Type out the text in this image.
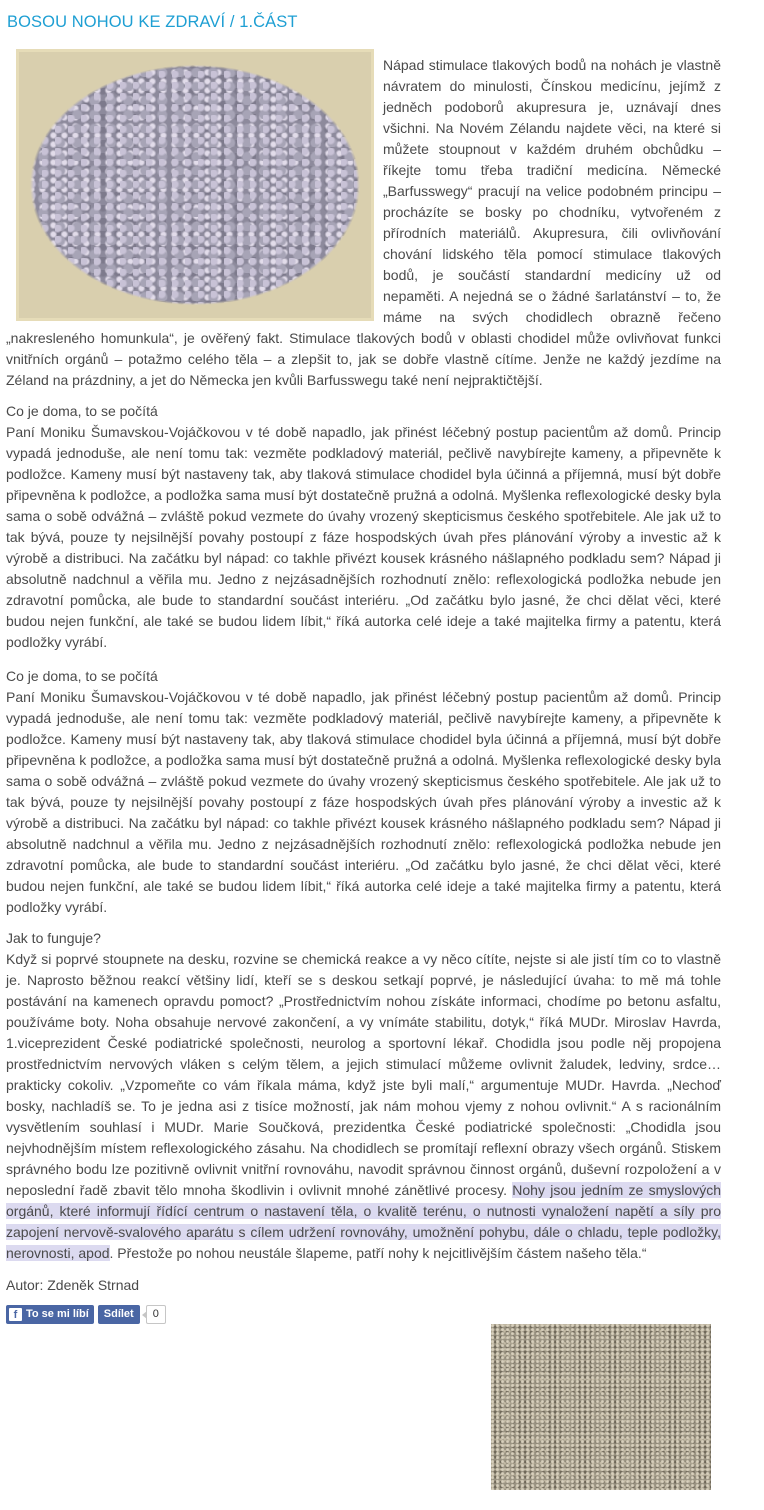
BOSOU NOHOU KE ZDRAVÍ / 1.ČÁST

Nápad stimulace tlakových bodů na nohách je vlastně návratem do minulosti, Čínskou medicínu, jejímž z jedněch podoborů akupresura je, uznávají dnes všichni. Na Novém Zélandu najdete věci, na které si můžete stoupnout v každém druhém obchůdku – říkejte tomu třeba tradiční medicína. Německé „Barfusswegy“ pracují na velice podobném principu – procházíte se bosky po chodníku, vytvořeném z přírodních materiálů. Akupresura, čili ovlivňování chování lidského těla pomocí stimulace tlakových bodů, je součástí standardní medicíny už od nepaměti. A nejedná se o žádné šarlatánství – to, že máme na svých chodidlech obrazně řečeno „nakresleného homunkula“, je ověřený fakt. Stimulace tlakových bodů v oblasti chodidel může ovlivňovat funkci vnitřních orgánů – potažmo celého těla – a zlepšit to, jak se dobře vlastně cítíme. Jenže ne každý jezdíme na Zéland na prázdniny, a jet do Německa jen kvůli Barfusswegu také není nejpraktičtější.

Co je doma, to se počítá

Paní Moniku Šumavskou-Vojáčkovou v té době napadlo, jak přinést léčebný postup pacientům až domů. Princip vypadá jednoduše, ale není tomu tak: vezměte podkladový materiál, pečlivě navybírejte kameny, a připevněte k podložce. Kameny musí být nastaveny tak, aby tlaková stimulace chodidel byla účinná a příjemná, musí být dobře připevněna k podložce, a podložka sama musí být dostatečně pružná a odolná. Myšlenka reflexologické desky byla sama o sobě odvážná – zvláště pokud vezmete do úvahy vrozený skepticismus českého spotřebitele. Ale jak už to tak bývá, pouze ty nejsilnější povahy postoupí z fáze hospodských úvah přes plánování výroby a investic až k výrobě a distribuci. Na začátku byl nápad: co takhle přivézt kousek krásného nášlapného podkladu sem? Nápad ji absolutně nadchnul a věřila mu. Jedno z nejzásadnějších rozhodnutí znělo: reflexologická podložka nebude jen zdravotní pomůcka, ale bude to standardní součást interiéru. „Od začátku bylo jasné, že chci dělat věci, které budou nejen funkční, ale také se budou lidem líbit,“ říká autorka celé ideje a také majitelka firmy a patentu, která podložky vyrábí.

Co je doma, to se počítá

Paní Moniku Šumavskou-Vojáčkovou v té době napadlo, jak přinést léčebný postup pacientům až domů. Princip vypadá jednoduše, ale není tomu tak: vezměte podkladový materiál, pečlivě navybírejte kameny, a připevněte k podložce. Kameny musí být nastaveny tak, aby tlaková stimulace chodidel byla účinná a příjemná, musí být dobře připevněna k podložce, a podložka sama musí být dostatečně pružná a odolná. Myšlenka reflexologické desky byla sama o sobě odvážná – zvláště pokud vezmete do úvahy vrozený skepticismus českého spotřebitele. Ale jak už to tak bývá, pouze ty nejsilnější povahy postoupí z fáze hospodských úvah přes plánování výroby a investic až k výrobě a distribuci. Na začátku byl nápad: co takhle přivézt kousek krásného nášlapného podkladu sem? Nápad ji absolutně nadchnul a věřila mu. Jedno z nejzásadnějších rozhodnutí znělo: reflexologická podložka nebude jen zdravotní pomůcka, ale bude to standardní součást interiéru. „Od začátku bylo jasné, že chci dělat věci, které budou nejen funkční, ale také se budou lidem líbit,“ říká autorka celé ideje a také majitelka firmy a patentu, která podložky vyrábí.

Jak to funguje?

Když si poprvé stoupnete na desku, rozvine se chemická reakce a vy něco cítíte, nejste si ale jistí tím co to vlastně je. Naprosto běžnou reakcí většiny lidí, kteří se s deskou setkají poprvé, je následující úvaha: to mě má tohle postávání na kamenech opravdu pomoct? „Prostřednictvím nohou získáte informaci, chodíme po betonu asfaltu, používáme boty. Noha obsahuje nervové zakončení, a vy vnímáte stabilitu, dotyk,“ říká MUDr. Miroslav Havrda, 1.viceprezident České podiatrické společnosti, neurolog a sportovní lékař. Chodidla jsou podle něj propojena prostřednictvím nervových vláken s celým tělem, a jejich stimulací můžeme ovlivnit žaludek, ledviny, srdce… prakticky cokoliv. „Vzpomeňte co vám říkala máma, když jste byli malí,“ argumentuje MUDr. Havrda. „Nechoď bosky, nachladíš se. To je jedna asi z tisíce možností, jak nám mohou vjemy z nohou ovlivnit.“ A s racionálním vysvětlením souhlasí i MUDr. Marie Součková, prezidentka České podiatrické společnosti: „Chodidla jsou nejvhodnějším místem reflexologického zásahu. Na chodidlech se promítají reflexní obrazy všech orgánů. Stiskem správného bodu lze pozitivně ovlivnit vnitřní rovnováhu, navodit správnou činnost orgánů, duševní rozpoložení a v neposlední řadě zbavit tělo mnoha škodlivin i ovlivnit mnohé zánětlivé procesy. Nohy jsou jedním ze smyslových orgánů, které informují řídící centrum o nastavení těla, o kvalitě terénu, o nutnosti vynaložení napětí a síly pro zapojení nervově-svalového aparátu s cílem udržení rovnováhy, umožnění pohybu, dále o chladu, teple podložky, nerovnosti, apod. Přestože po nohou neustále šlapeme, patří nohy k nejcitlivějším částem našeho těla.“

Autor: Zdeněk Strnad
f To se mi líbí Sdílet 0
